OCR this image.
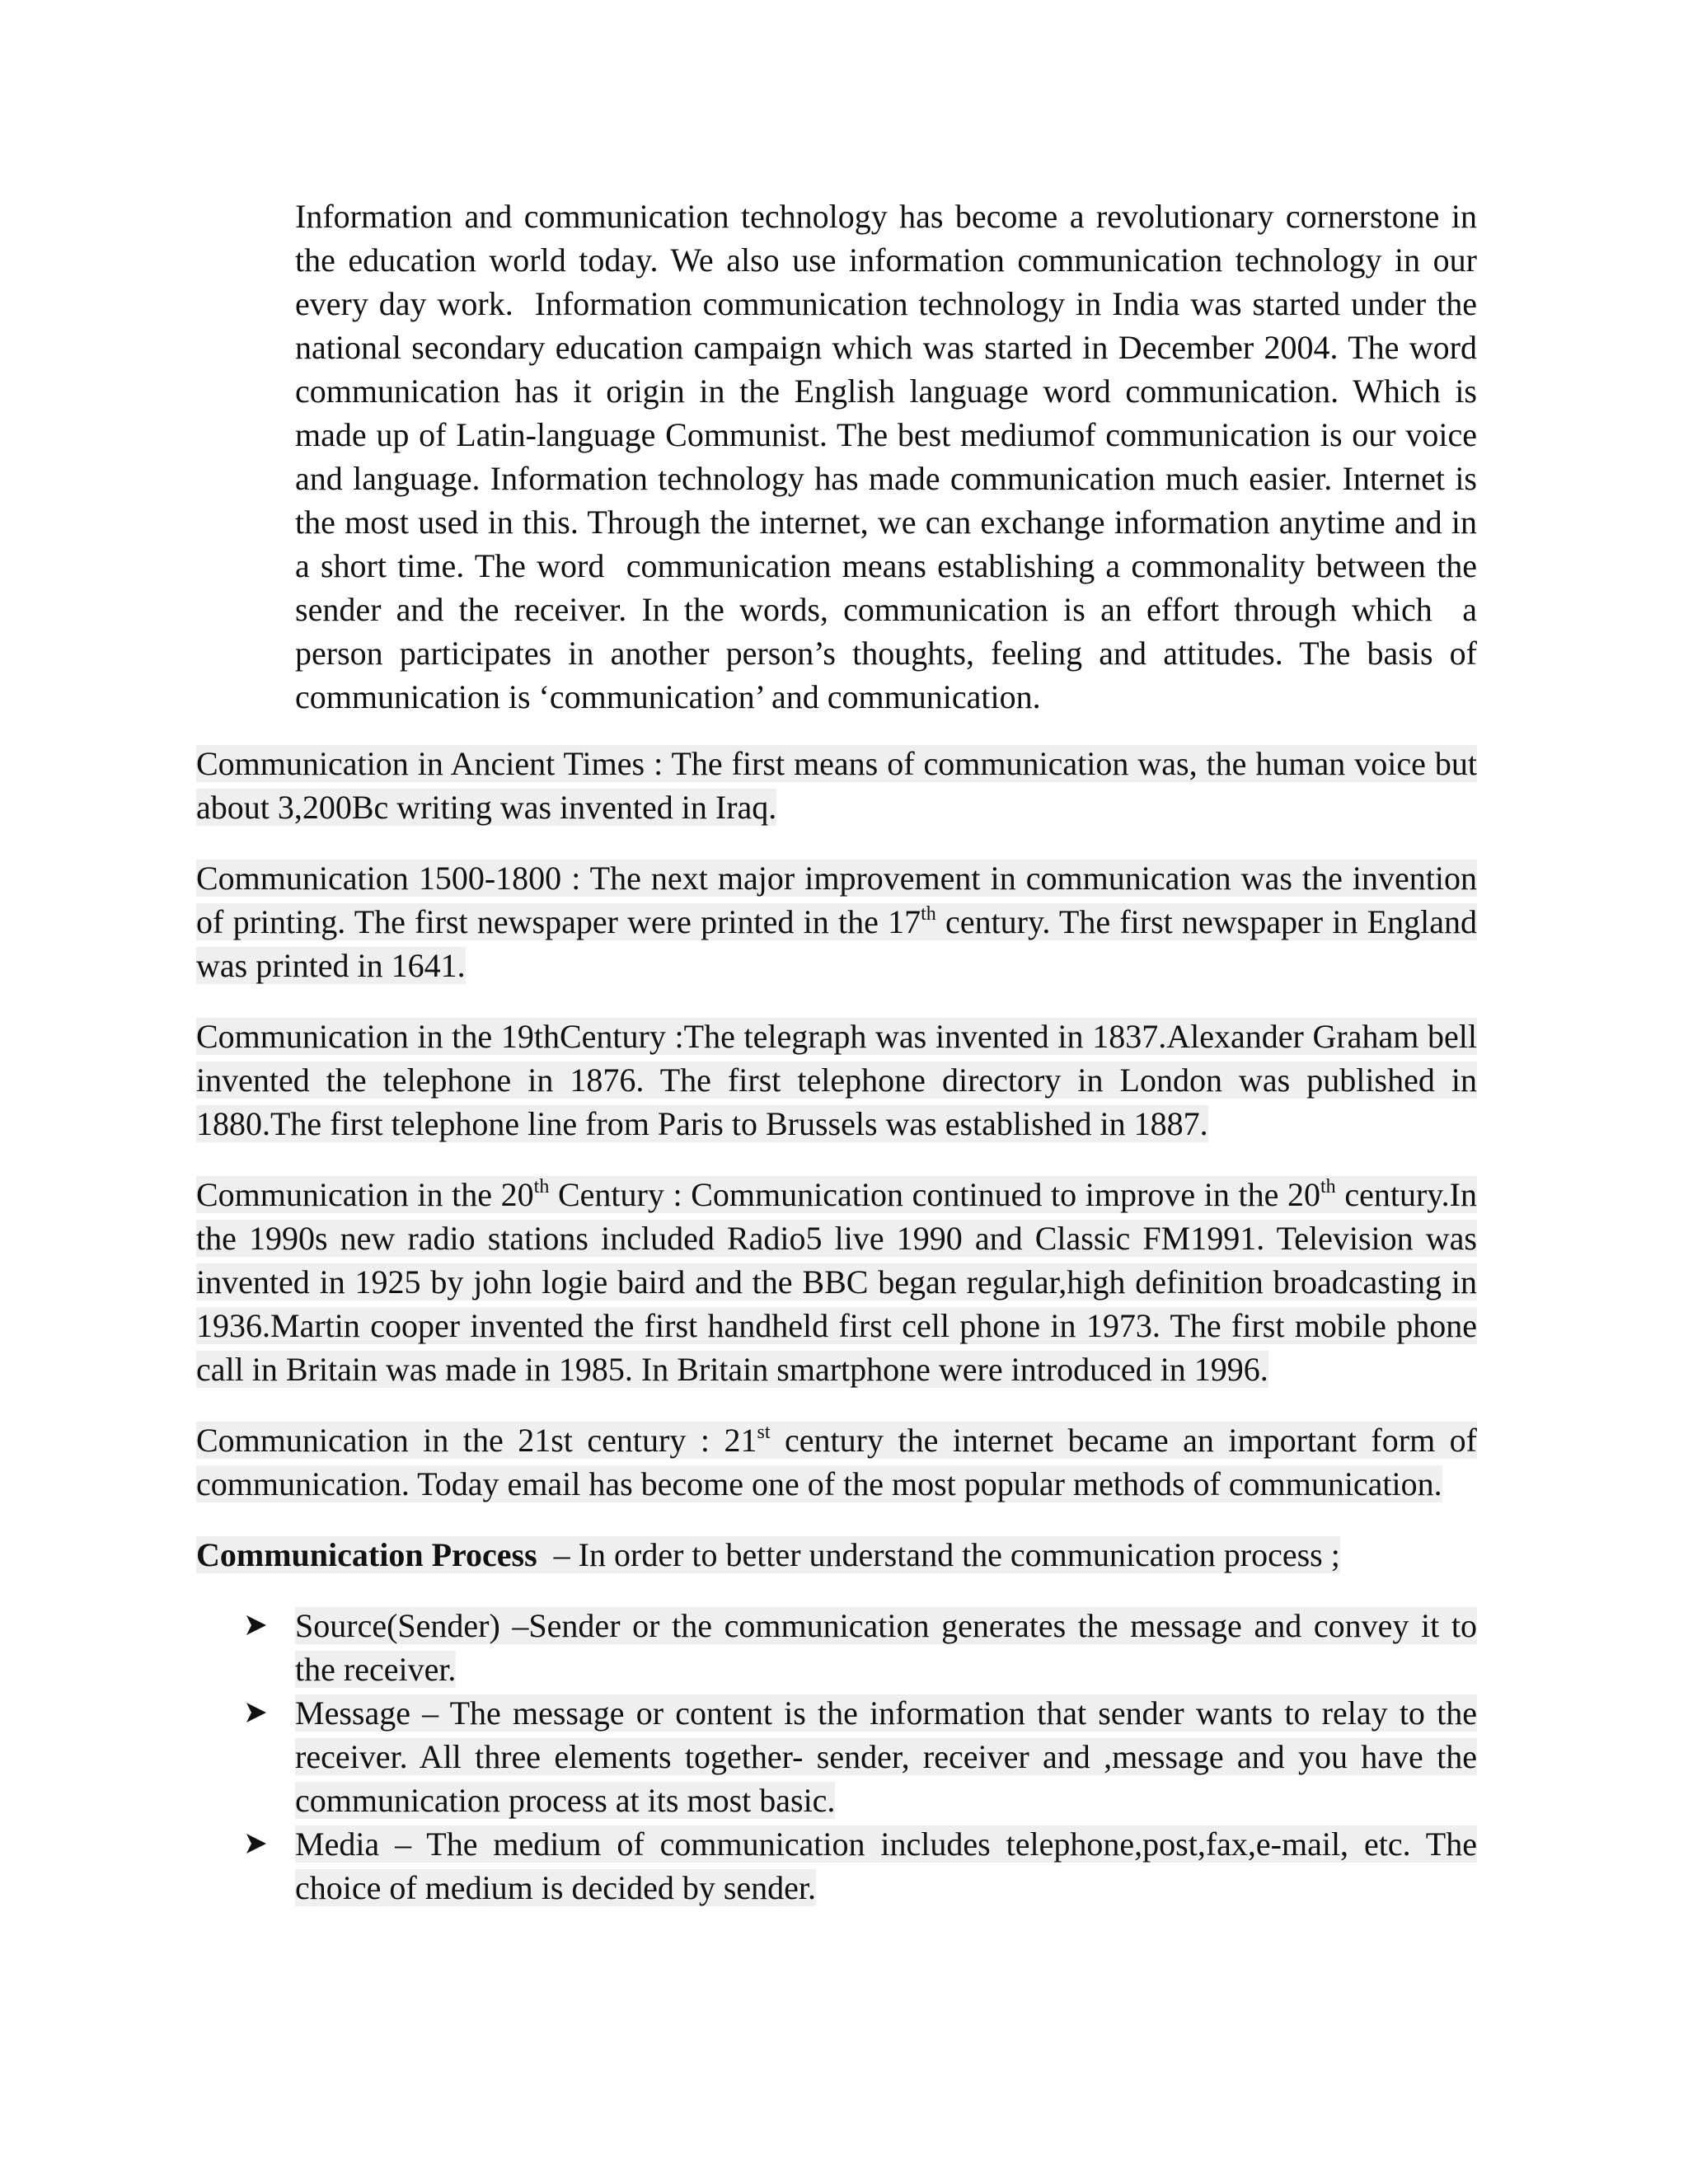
Information and communication technology has become a revolutionary cornerstone in the education world today. We also use information communication technology in our every day work.  Information communication technology in India was started under the national secondary education campaign which was started in December 2004. The word communication has it origin in the English language word communication. Which is made up of Latin-language Communist. The best mediumof communication is our voice and language. Information technology has made communication much easier. Internet is the most used in this. Through the internet, we can exchange information anytime and in a short time. The word  communication means establishing a commonality between the sender and the receiver. In the words, communication is an effort through which  a person participates in another person’s thoughts, feeling and attitudes. The basis of communication is ‘communication’ and communication.

Communication in Ancient Times : The first means of communication was, the human voice but about 3,200Bc writing was invented in Iraq.

Communication 1500-1800 : The next major improvement in communication was the invention of printing. The first newspaper were printed in the 17th century. The first newspaper in England was printed in 1641.

Communication in the 19thCentury :The telegraph was invented in 1837.Alexander Graham bell invented the telephone in 1876. The first telephone directory in London was published in 1880.The first telephone line from Paris to Brussels was established in 1887.

Communication in the 20th Century : Communication continued to improve in the 20th century.In the 1990s new radio stations included Radio5 live 1990 and Classic FM1991. Television was invented in 1925 by john logie baird and the BBC began regular,high definition broadcasting in 1936.Martin cooper invented the first handheld first cell phone in 1973. The first mobile phone call in Britain was made in 1985. In Britain smartphone were introduced in 1996.

Communication in the 21st century : 21st century the internet became an important form of communication. Today email has become one of the most popular methods of communication.

Communication Process  – In order to better understand the communication process ;

Source(Sender) –Sender or the communication generates the message and convey it to the receiver.
Message – The message or content is the information that sender wants to relay to the receiver. All three elements together- sender, receiver and ,message and you have the communication process at its most basic.
Media – The medium of communication includes telephone,post,fax,e-mail, etc. The choice of medium is decided by sender.
